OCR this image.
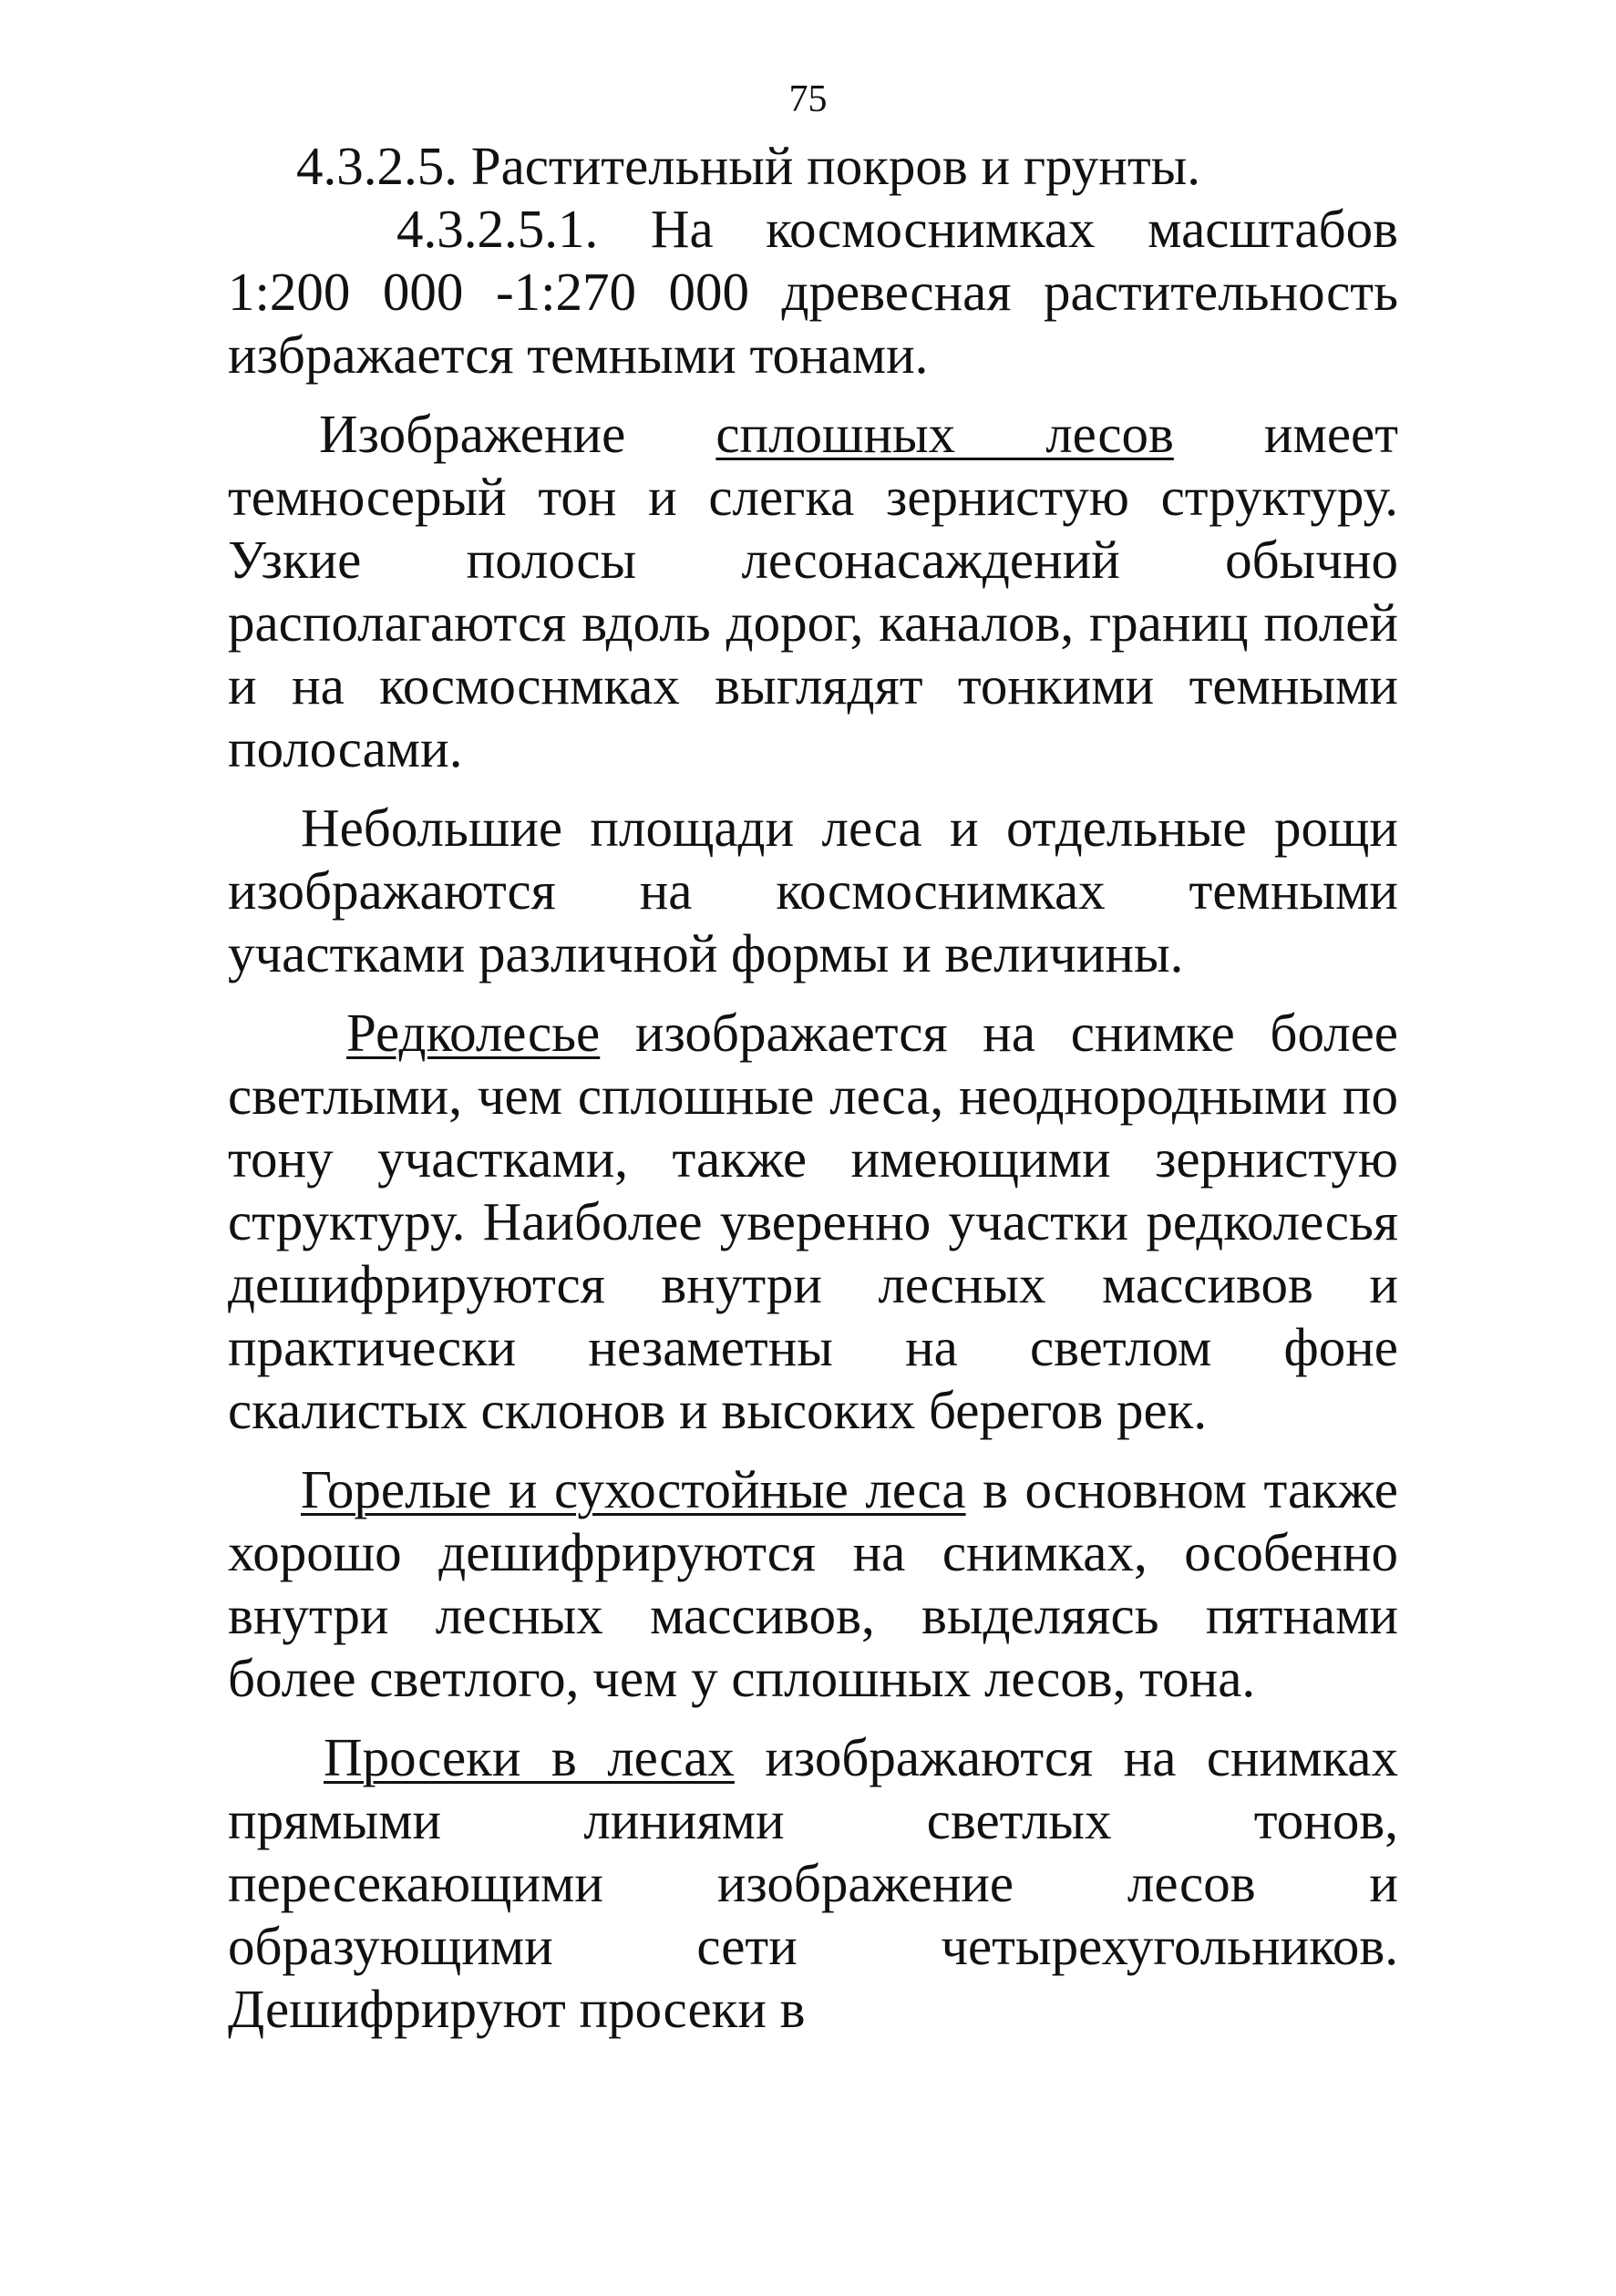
75

4.3.2.5. Растительный покров и грунты.

4.3.2.5.1. На космоснимках масштабов 1:200 000 -1:270 000 древесная растительность избражается темными тонами.

Изображение сплошных лесов имеет темносерый тон и слегка зернистую структуру. Узкие полосы лесонасаждений обычно располагаются вдоль дорог, каналов, границ полей и на космоснмках выглядят тонкими темными полосами.

Небольшие площади леса и отдельные рощи изображаются на космоснимках темными участками различной формы и величины.

Редколесье изображается на снимке более светлыми, чем сплошные леса, неоднородными по тону участками, также имеющими зернистую структуру. Наиболее уверенно участки редколесья дешифрируются внутри лесных массивов и практически незаметны на светлом фоне скалистых склонов и высоких берегов рек.

Горелые и сухостойные леса в основном также хорошо дешифрируются на снимках, особенно внутри лесных массивов, выделяясь пятнами более светлого, чем у сплошных лесов, тона.

Просеки в лесах изображаются на снимках прямыми линиями светлых тонов, пересекающими изображение лесов и образующими сети четырехугольников. Дешифрируют просеки в
